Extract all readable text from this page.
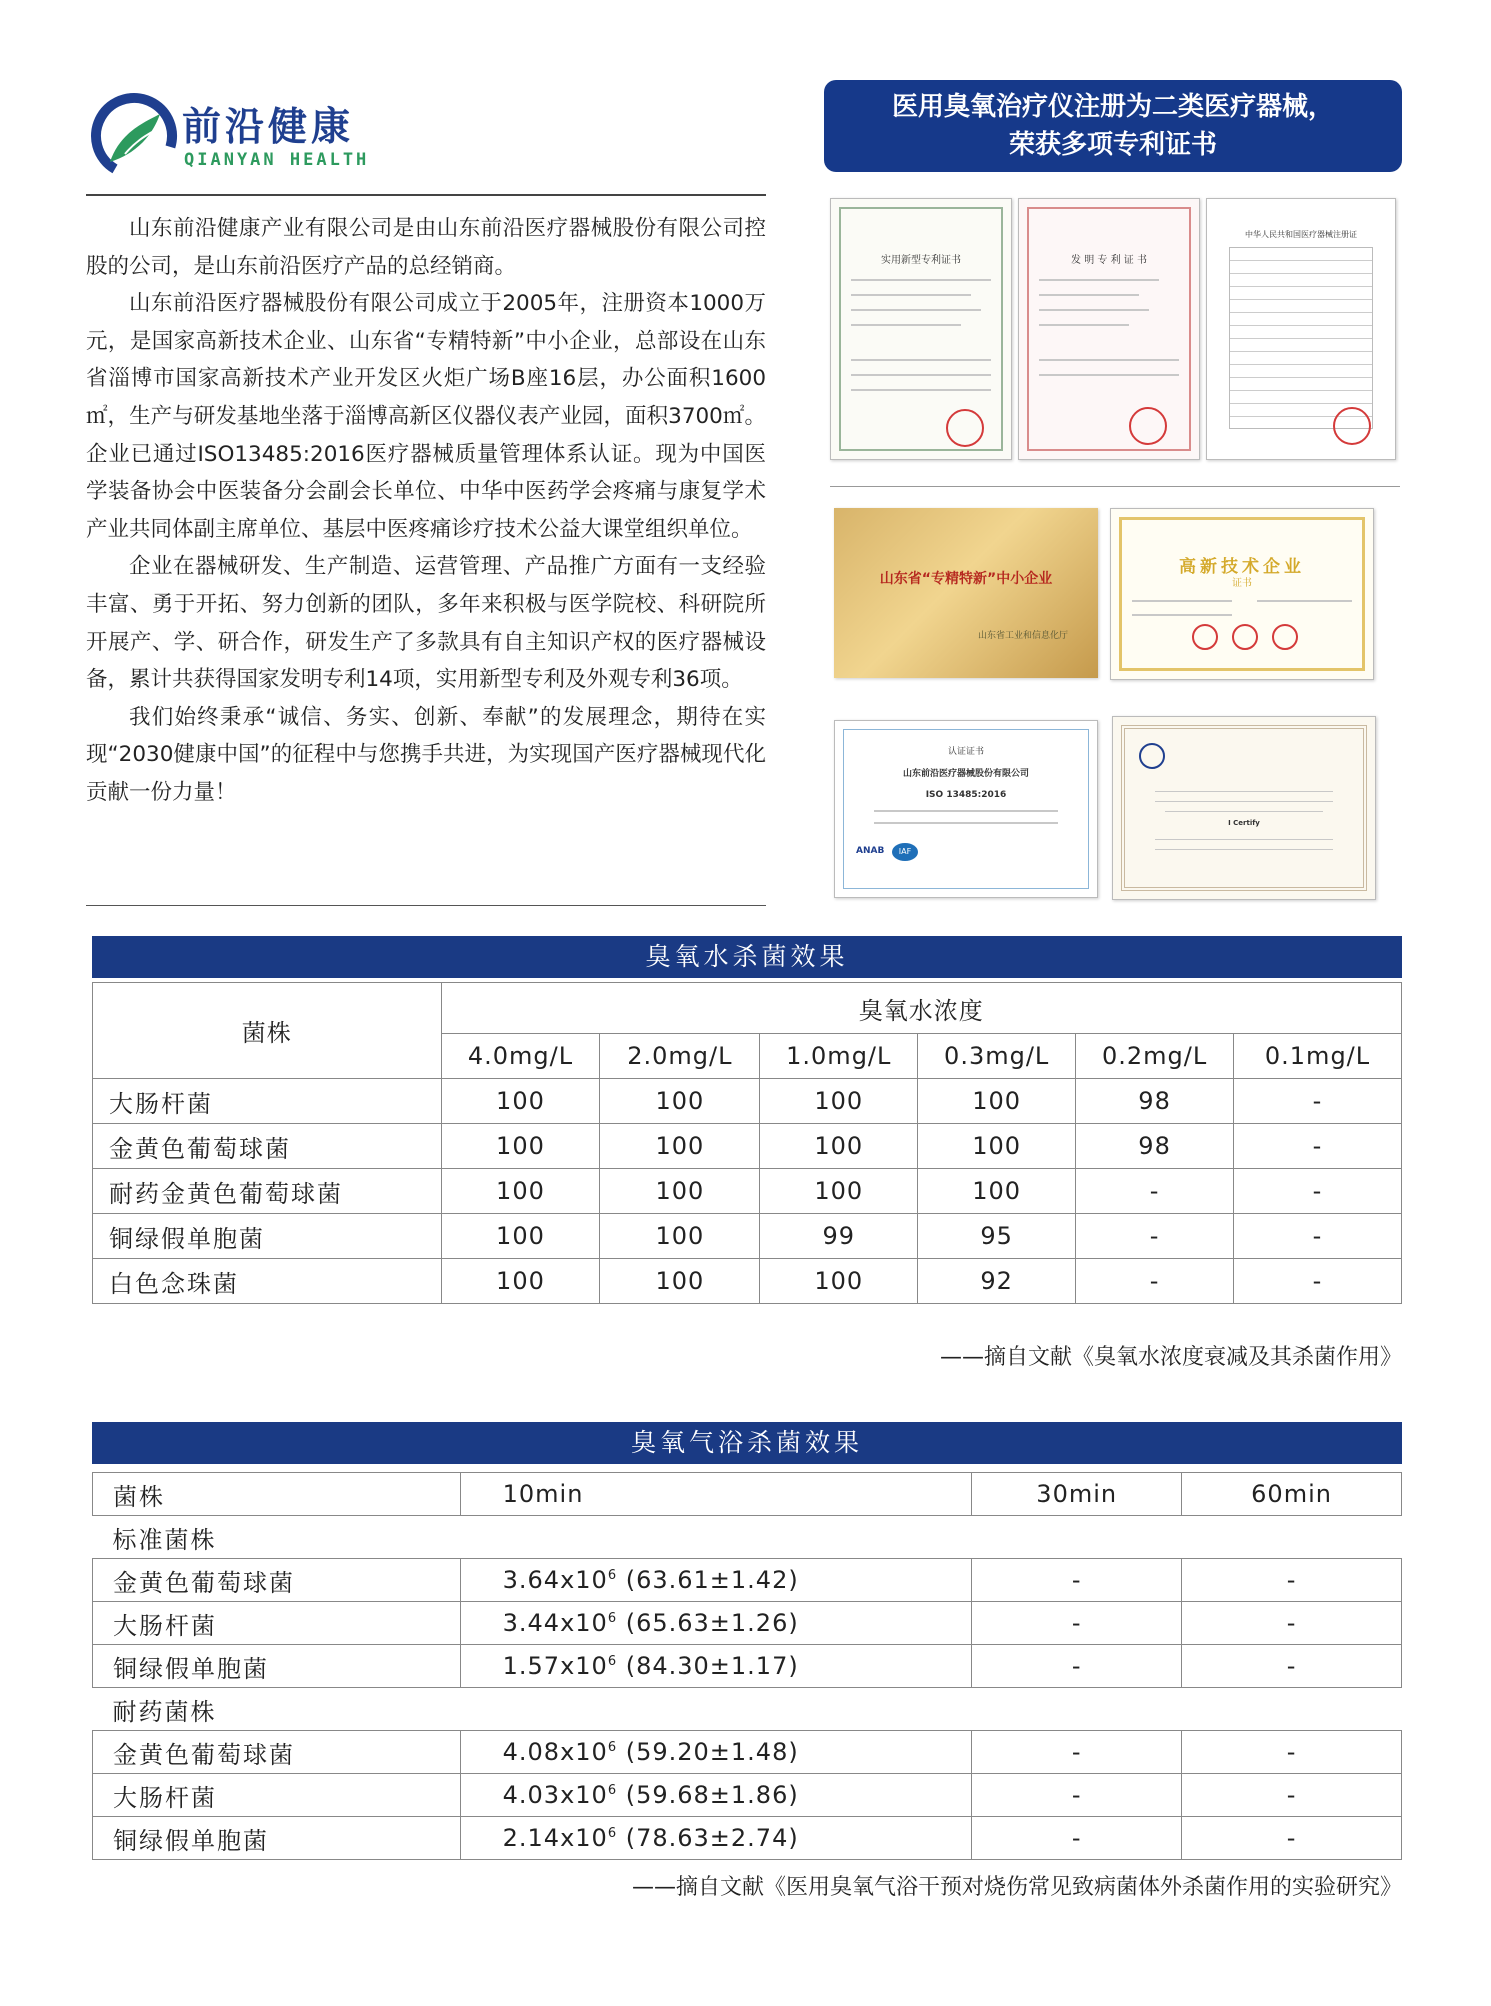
前沿健康
QIANYAN HEALTH

山东前沿健康产业有限公司是由山东前沿医疗器械股份有限公司控股的公司，是山东前沿医疗产品的总经销商。

山东前沿医疗器械股份有限公司成立于2005年，注册资本1000万元，是国家高新技术企业、山东省“专精特新”中小企业，总部设在山东省淄博市国家高新技术产业开发区火炬广场B座16层，办公面积1600㎡，生产与研发基地坐落于淄博高新区仪器仪表产业园，面积3700㎡。企业已通过ISO13485:2016医疗器械质量管理体系认证。现为中国医学装备协会中医装备分会副会长单位、中华中医药学会疼痛与康复学术产业共同体副主席单位、基层中医疼痛诊疗技术公益大课堂组织单位。

企业在器械研发、生产制造、运营管理、产品推广方面有一支经验丰富、勇于开拓、努力创新的团队，多年来积极与医学院校、科研院所开展产、学、研合作，研发生产了多款具有自主知识产权的医疗器械设备，累计共获得国家发明专利14项，实用新型专利及外观专利36项。

我们始终秉承“诚信、务实、创新、奉献”的发展理念，期待在实现“2030健康中国”的征程中与您携手共进，为实现国产医疗器械现代化贡献一份力量！

医用臭氧治疗仪注册为二类医疗器械，
荣获多项专利证书
实用新型专利证书	发 明 专 利 证 书
中华人民共和国医疗器械注册证
山东省“专精特新”中小企业
山东省工业和信息化厅
高新技术企业
证书
认证证书
山东前沿医疗器械股份有限公司
ISO 13485:2016
ANAB	IAF
I Certify
臭氧水杀菌效果
菌株	臭氧水浓度					
	4.0mg/L	2.0mg/L	1.0mg/L	0.3mg/L	0.2mg/L	0.1mg/L
大肠杆菌	100	100	100	100	98	-
金黄色葡萄球菌	100	100	100	100	98	-
耐药金黄色葡萄球菌	100	100	100	100	-	-
铜绿假单胞菌	100	100	99	95	-	-
白色念珠菌	100	100	100	92	-	-
——摘自文献《臭氧水浓度衰减及其杀菌作用》
臭氧气浴杀菌效果
菌株	10min	30min	60min
标准菌株			
金黄色葡萄球菌	$3.64x10^6$ (63.61±1.42)	-	-
大肠杆菌	$3.44x10^6$ (65.63±1.26)	-	-
铜绿假单胞菌	$1.57x10^6$ (84.30±1.17)	-	-
耐药菌株			
金黄色葡萄球菌	$4.08x10^6$ (59.20±1.48)	-	-
大肠杆菌	$4.03x10^6$ (59.68±1.86)	-	-
铜绿假单胞菌	$2.14x10^6$ (78.63±2.74)	-	-
——摘自文献《医用臭氧气浴干预对烧伤常见致病菌体外杀菌作用的实验研究》
